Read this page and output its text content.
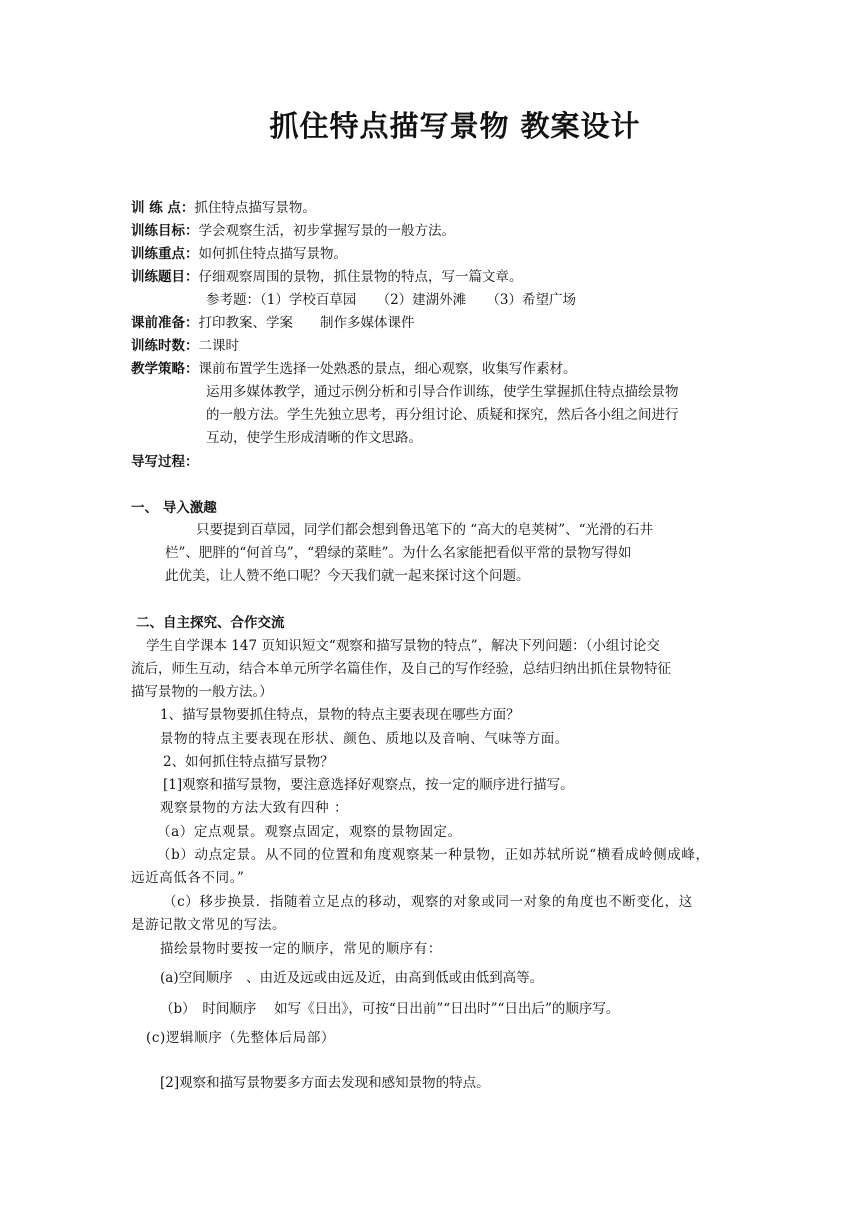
抓住特点描写景物 教案设计
训 练 点：抓住特点描写景物。
训练目标：学会观察生活，初步掌握写景的一般方法。
训练重点：如何抓住特点描写景物。
训练题目：仔细观察周围的景物，抓住景物的特点，写一篇文章。
参考题：（1）学校百草园　　（2）建湖外滩　　（3）希望广场
课前准备：打印教案、学案　　制作多媒体课件
训练时数：二课时
教学策略：课前布置学生选择一处熟悉的景点，细心观察，收集写作素材。
运用多媒体教学，通过示例分析和引导合作训练，使学生掌握抓住特点描绘景物
的一般方法。学生先独立思考，再分组讨论、质疑和探究，然后各小组之间进行
互动，使学生形成清晰的作文思路。
导写过程：
一、 导入激趣
只要提到百草园，同学们都会想到鲁迅笔下的 “高大的皂荚树”、“光滑的石井
栏”、肥胖的“何首乌”，“碧绿的菜畦”。为什么名家能把看似平常的景物写得如
此优美，让人赞不绝口呢？今天我们就一起来探讨这个问题。
二、自主探究、合作交流
学生自学课本 147 页知识短文“观察和描写景物的特点”，解决下列问题：（小组讨论交
流后，师生互动，结合本单元所学名篇佳作，及自己的写作经验，总结归纳出抓住景物特征
描写景物的一般方法。）
1、描写景物要抓住特点，景物的特点主要表现在哪些方面？
景物的特点主要表现在形状、颜色、质地以及音响、气味等方面。
2、如何抓住特点描写景物？
[1]观察和描写景物，要注意选择好观察点，按一定的顺序进行描写。
观察景物的方法大致有四种 ：
（a）定点观景。观察点固定，观察的景物固定。
（b）动点定景。从不同的位置和角度观察某一种景物，正如苏轼所说“横看成岭侧成峰，
远近高低各不同。”
（c）移步换景．指随着立足点的移动，观察的对象或同一对象的角度也不断变化，这
是游记散文常见的写法。
描绘景物时要按一定的顺序，常见的顺序有：
(a)空间顺序　、由近及远或由远及近，由高到低或由低到高等。
（b）　时间顺序　 如写《日出》，可按“日出前”“日出时”“日出后”的顺序写。
(c)逻辑顺序（先整体后局部）
[2]观察和描写景物要多方面去发现和感知景物的特点。
